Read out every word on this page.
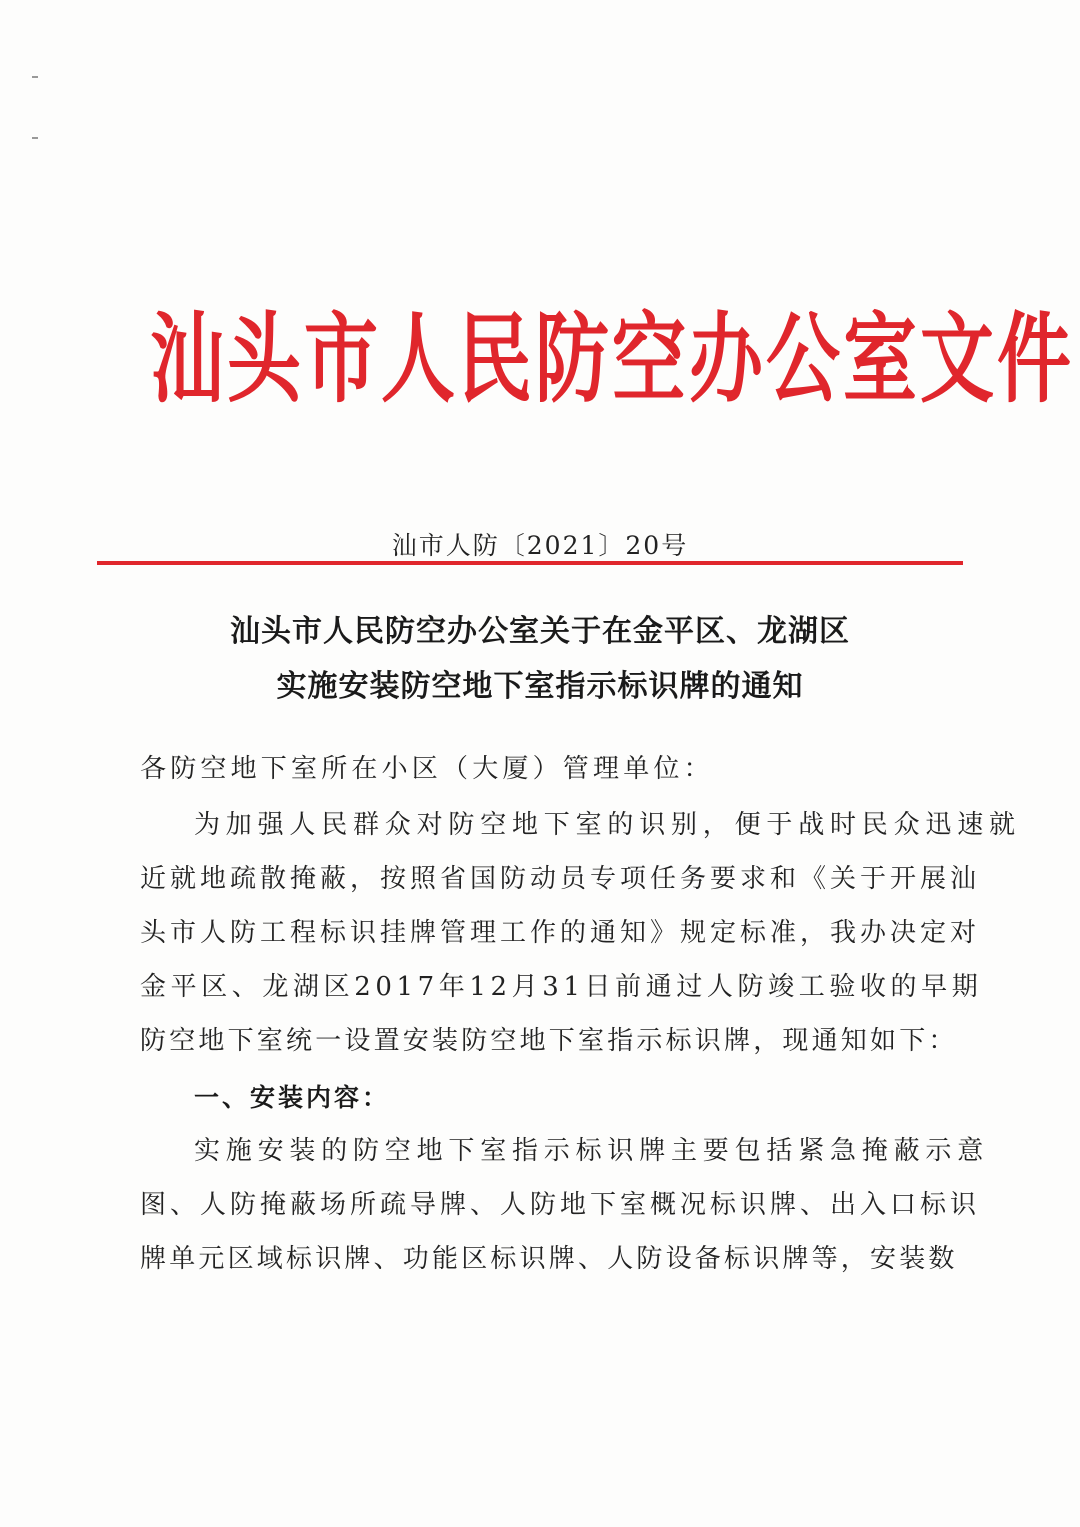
汕头市人民防空办公室文件
汕市人防〔2021〕20号
汕头市人民防空办公室关于在金平区、龙湖区
实施安装防空地下室指示标识牌的通知
各防空地下室所在小区（大厦）管理单位：
为加强人民群众对防空地下室的识别，便于战时民众迅速就
近就地疏散掩蔽，按照省国防动员专项任务要求和《关于开展汕
头市人防工程标识挂牌管理工作的通知》规定标准，我办决定对
金平区、龙湖区2017年12月31日前通过人防竣工验收的早期
防空地下室统一设置安装防空地下室指示标识牌，现通知如下：
一、安装内容：
实施安装的防空地下室指示标识牌主要包括紧急掩蔽示意
图、人防掩蔽场所疏导牌、人防地下室概况标识牌、出入口标识
牌单元区域标识牌、功能区标识牌、人防设备标识牌等，安装数
